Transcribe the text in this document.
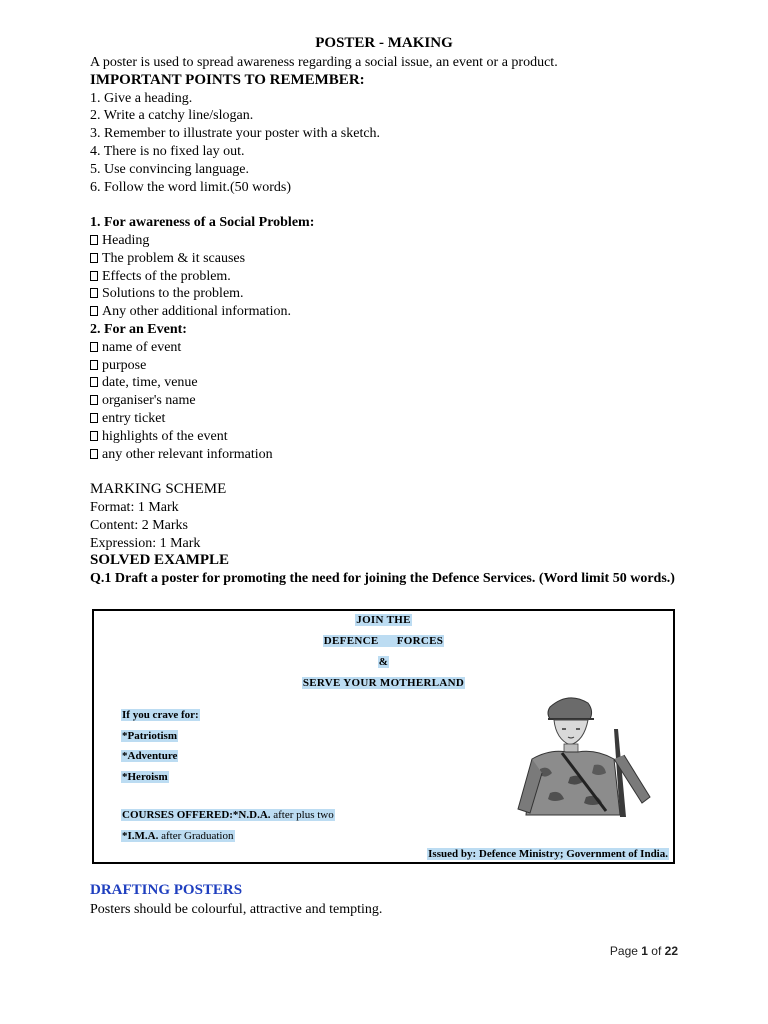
POSTER - MAKING
A poster is used to spread awareness regarding a social issue, an event or a product.
IMPORTANT POINTS TO REMEMBER:
1. Give a heading.
2. Write a catchy line/slogan.
3. Remember to illustrate your poster with a sketch.
4. There is no fixed lay out.
5. Use convincing language.
6. Follow the word limit.(50 words)
1. For awareness of a Social Problem:
Heading
The problem & it scauses
Effects of the problem.
Solutions to the problem.
Any other additional information.
2. For an Event:
name of event
purpose
date, time, venue
organiser's name
entry ticket
highlights of the event
any other relevant information
MARKING SCHEME
Format: 1 Mark
Content: 2 Marks
Expression: 1 Mark
SOLVED EXAMPLE
Q.1 Draft a poster for promoting the need for joining the Defence Services. (Word limit 50 words.)
JOIN THE
DEFENCE      FORCES
&
SERVE YOUR MOTHERLAND
If you crave for:
*Patriotism
*Adventure
*Heroism
COURSES OFFERED:*N.D.A. after plus two
*I.M.A. after Graduation
Issued by: Defence Ministry; Government of India.
DRAFTING POSTERS
Posters should be colourful, attractive and tempting.
Page 1 of 22
